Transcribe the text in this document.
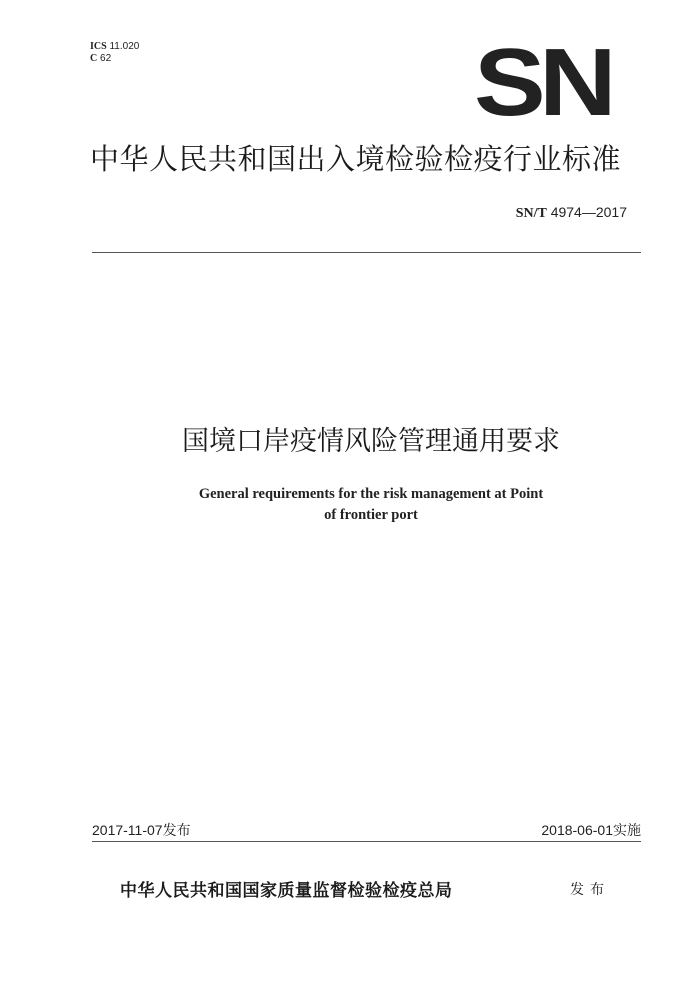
ICS 11.020
C 62	SN
中华人民共和国出入境检验检疫行业标准
SN/T 4974—2017
国境口岸疫情风险管理通用要求
General requirements for the risk management at Point
of frontier port
2017-11-07发布	2018-06-01实施
中华人民共和国国家质量监督检验检疫总局	发布
